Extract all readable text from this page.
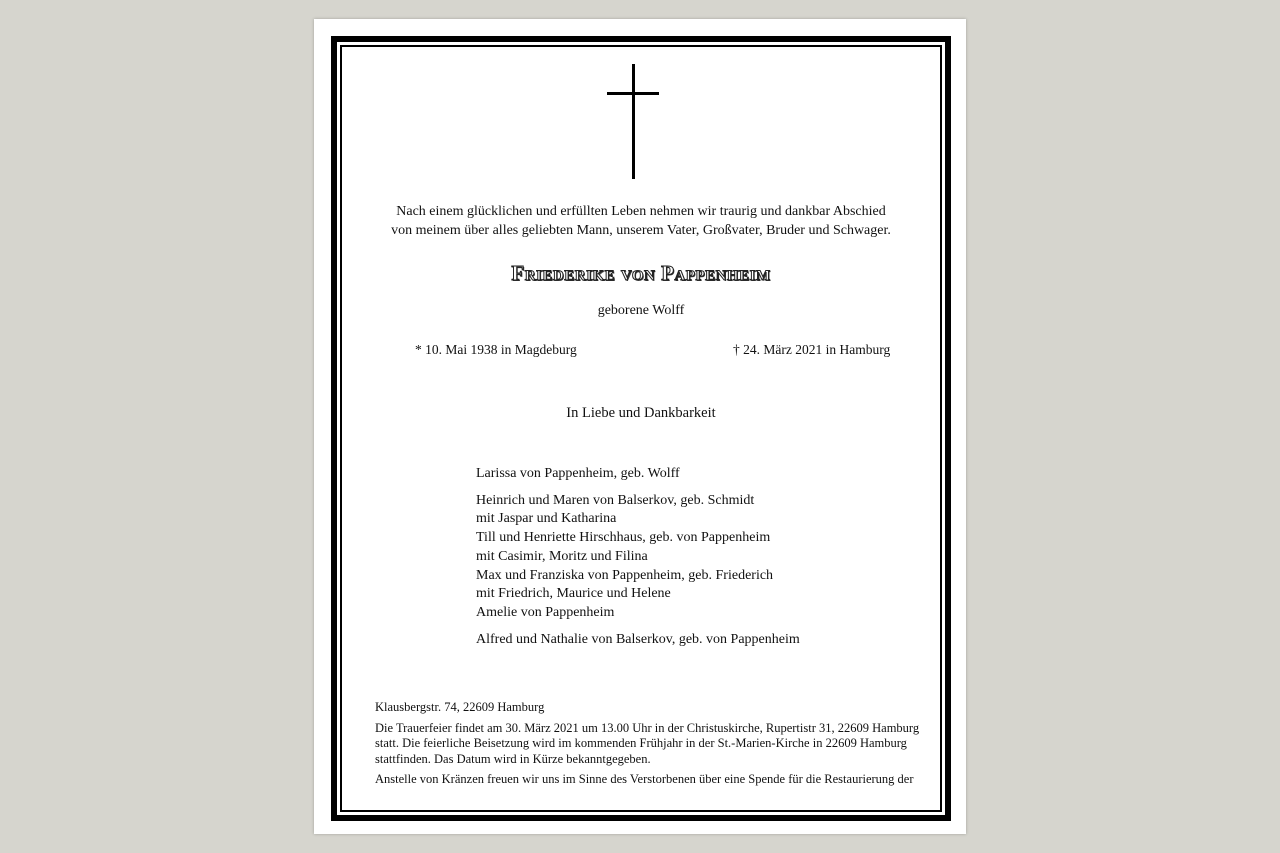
Nach einem glücklichen und erfüllten Leben nehmen wir traurig und dankbar Abschied
von meinem über alles geliebten Mann, unserem Vater, Großvater, Bruder und Schwager.
Friederike von Pappenheim
geborene Wolff
* 10. Mai 1938 in Magdeburg	† 24. März 2021 in Hamburg
In Liebe und Dankbarkeit
Larissa von Pappenheim, geb. Wolff
Heinrich und Maren von Balserkov, geb. Schmidt
mit Jaspar und Katharina
Till und Henriette Hirschhaus, geb. von Pappenheim
mit Casimir, Moritz und Filina
Max und Franziska von Pappenheim, geb. Friederich
mit Friedrich, Maurice und Helene
Amelie von Pappenheim
Alfred und Nathalie von Balserkov, geb. von Pappenheim

Klausbergstr. 74, 22609 Hamburg

Die Trauerfeier findet am 30. März 2021 um 13.00 Uhr in der Christuskirche, Rupertistr 31, 22609 Hamburg statt. Die feierliche Beisetzung wird im kommenden Frühjahr in der St.-Marien-Kirche in 22609 Hamburg stattfinden. Das Datum wird in Kürze bekanntgegeben.

Anstelle von Kränzen freuen wir uns im Sinne des Verstorbenen über eine Spende für die Restaurierung der
